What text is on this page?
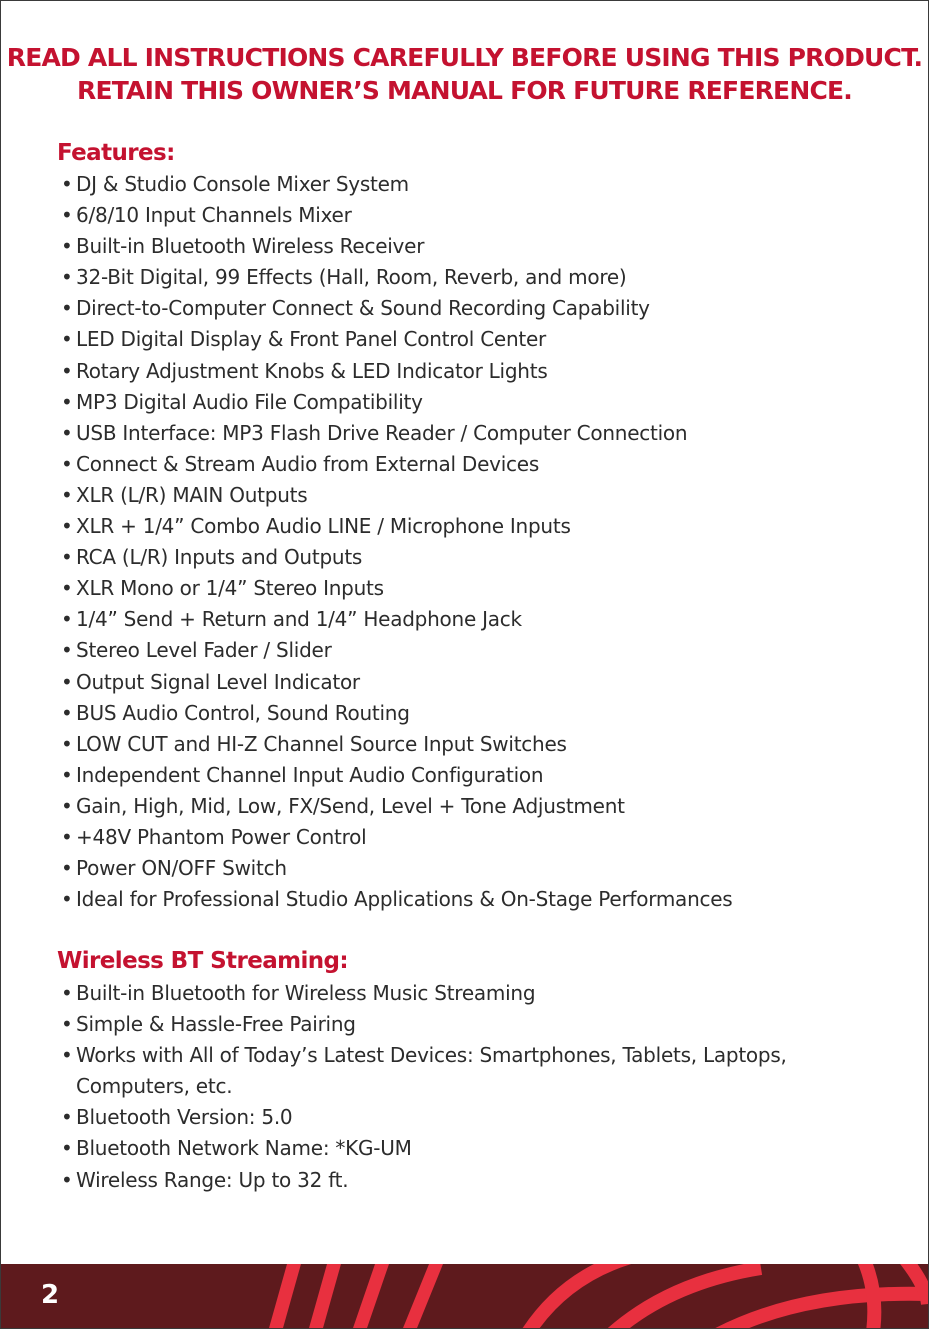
READ ALL INSTRUCTIONS CAREFULLY BEFORE USING THIS PRODUCT.
RETAIN THIS OWNER’S MANUAL FOR FUTURE REFERENCE.
Features:
• DJ & Studio Console Mixer System
• 6/8/10 Input Channels Mixer
• Built-in Bluetooth Wireless Receiver
• 32-Bit Digital, 99 Effects (Hall, Room, Reverb, and more)
• Direct-to-Computer Connect & Sound Recording Capability
• LED Digital Display & Front Panel Control Center
• Rotary Adjustment Knobs & LED Indicator Lights
• MP3 Digital Audio File Compatibility
• USB Interface: MP3 Flash Drive Reader / Computer Connection
• Connect & Stream Audio from External Devices
• XLR (L/R) MAIN Outputs
• XLR + 1/4” Combo Audio LINE / Microphone Inputs
• RCA (L/R) Inputs and Outputs
• XLR Mono or 1/4” Stereo Inputs
• 1/4” Send + Return and 1/4” Headphone Jack
• Stereo Level Fader / Slider
• Output Signal Level Indicator
• BUS Audio Control, Sound Routing
• LOW CUT and HI-Z Channel Source Input Switches
• Independent Channel Input Audio Configuration
• Gain, High, Mid, Low, FX/Send, Level + Tone Adjustment
• +48V Phantom Power Control
• Power ON/OFF Switch
• Ideal for Professional Studio Applications & On-Stage Performances
Wireless BT Streaming:
• Built-in Bluetooth for Wireless Music Streaming
• Simple & Hassle-Free Pairing
• Works with All of Today’s Latest Devices: Smartphones, Tablets, Laptops,
Computers, etc.
• Bluetooth Version: 5.0
• Bluetooth Network Name: *KG-UM
• Wireless Range: Up to 32 ft.
2
